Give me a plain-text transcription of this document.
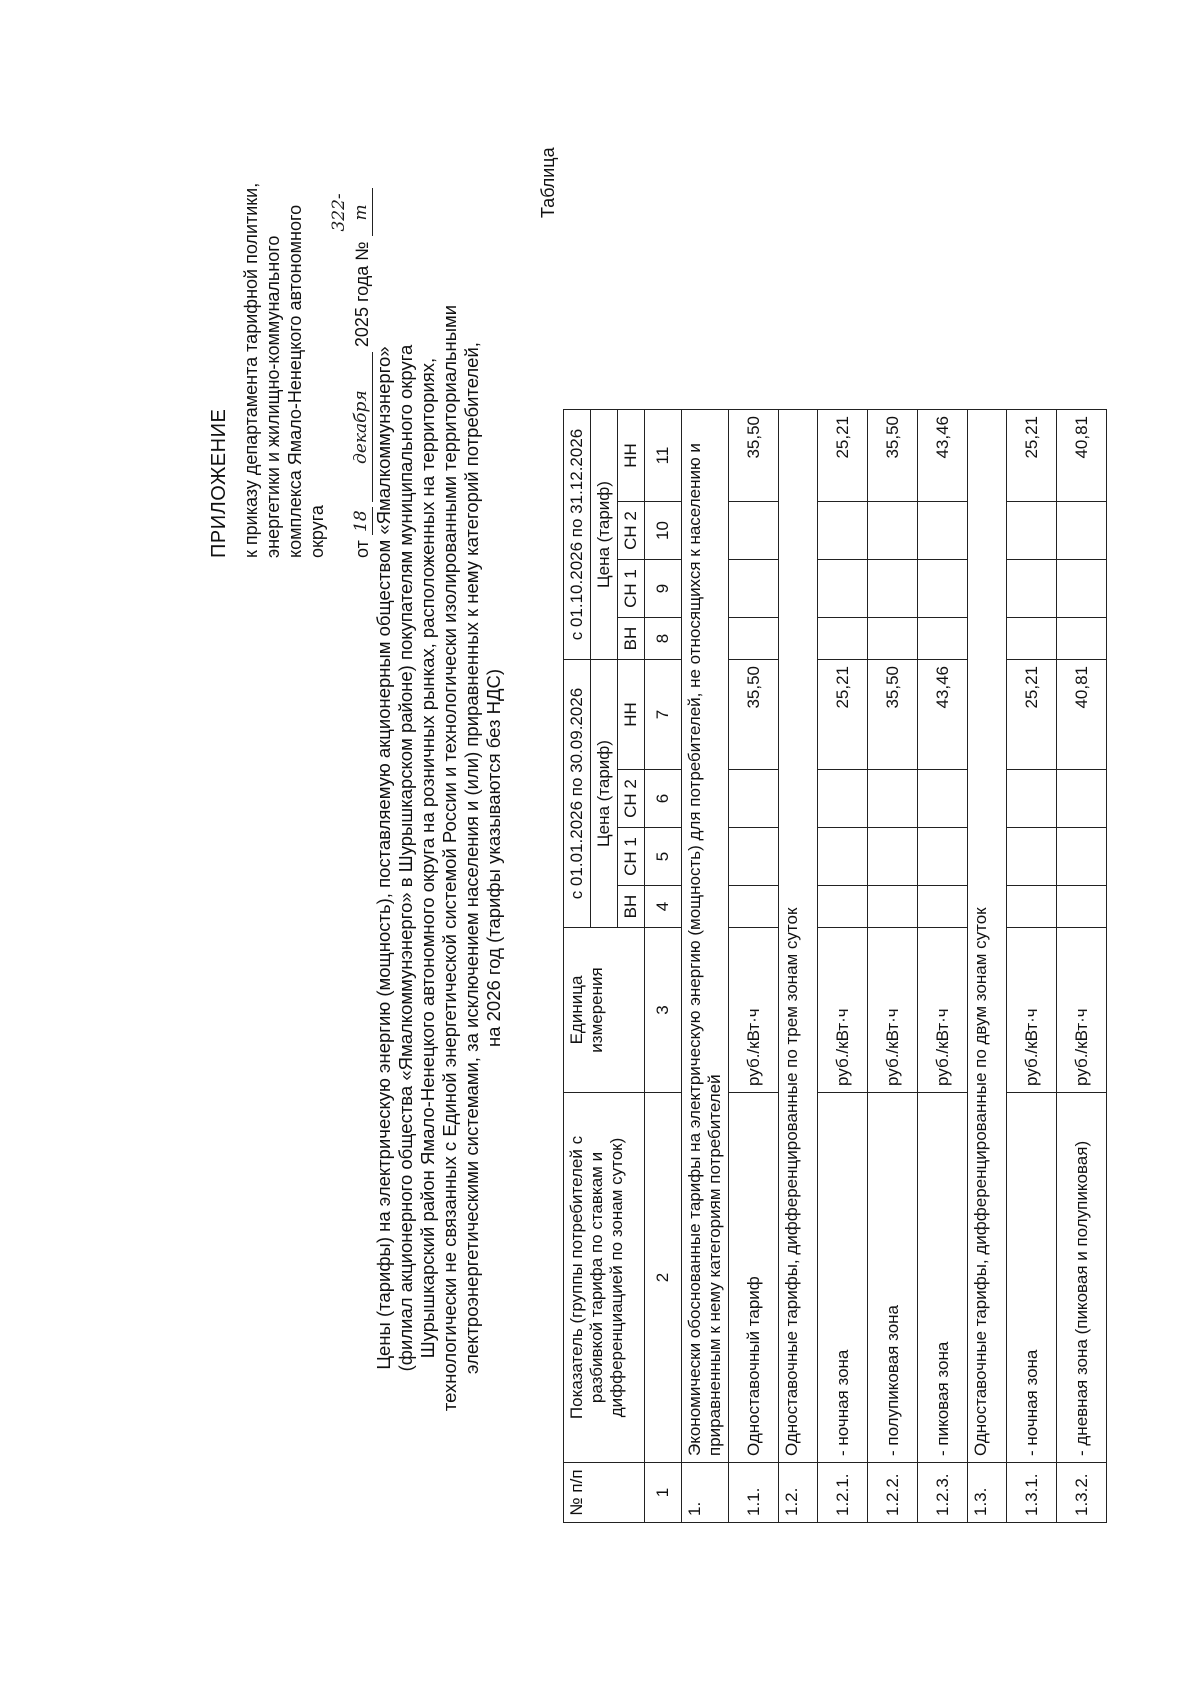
ПРИЛОЖЕНИЕ к приказу департамента тарифной политики, энергетики и жилищно-коммунального комплекса Ямало-Ненецкого автономного округа	от 18 декабря 2025 года № 322-т
Цены (тарифы) на электрическую энергию (мощность), поставляемую акционерным обществом «Ямалкоммунэнерго» (филиал акционерного общества «Ямалкоммунэнерго» в Шурышкарском районе) покупателям муниципального округа Шурышкарский район Ямало-Ненецкого автономного округа на розничных рынках, расположенных на территориях, технологически не связанных с Единой энергетической системой России и технологически изолированными территориальными электроэнергетическими системами, за исключением населения и (или) приравненных к нему категорий потребителей, на 2026 год (тарифы указываются без НДС)
Таблица
№ п/п	Показатель (группы потребителей с разбивкой тарифа по ставкам и дифференциацией по зонам суток)	Единица измерения	с 01.01.2026 по 30.09.2026				с 01.10.2026 по 31.12.2026			
			Цена (тариф)				Цена (тариф)			
			ВН	СН 1	СН 2	НН	ВН	СН 1	СН 2	НН
1	2	3	4	5	6	7	8	9	10	11
1.	Экономически обоснованные тарифы на электрическую энергию (мощность) для потребителей, не относящихся к населению и приравненным к нему категориям потребителей									
1.1.	Одноставочный тариф	руб./кВт·ч				35,50				35,50
1.2.	Одноставочные тарифы, дифференцированные по трем зонам суток									
1.2.1.	- ночная зона	руб./кВт·ч				25,21				25,21
1.2.2.	- полупиковая зона	руб./кВт·ч				35,50				35,50
1.2.3.	- пиковая зона	руб./кВт·ч				43,46				43,46
1.3.	Одноставочные тарифы, дифференцированные по двум зонам суток									
1.3.1.	- ночная зона	руб./кВт·ч				25,21				25,21
1.3.2.	- дневная зона (пиковая и полупиковая)	руб./кВт·ч				40,81				40,81
